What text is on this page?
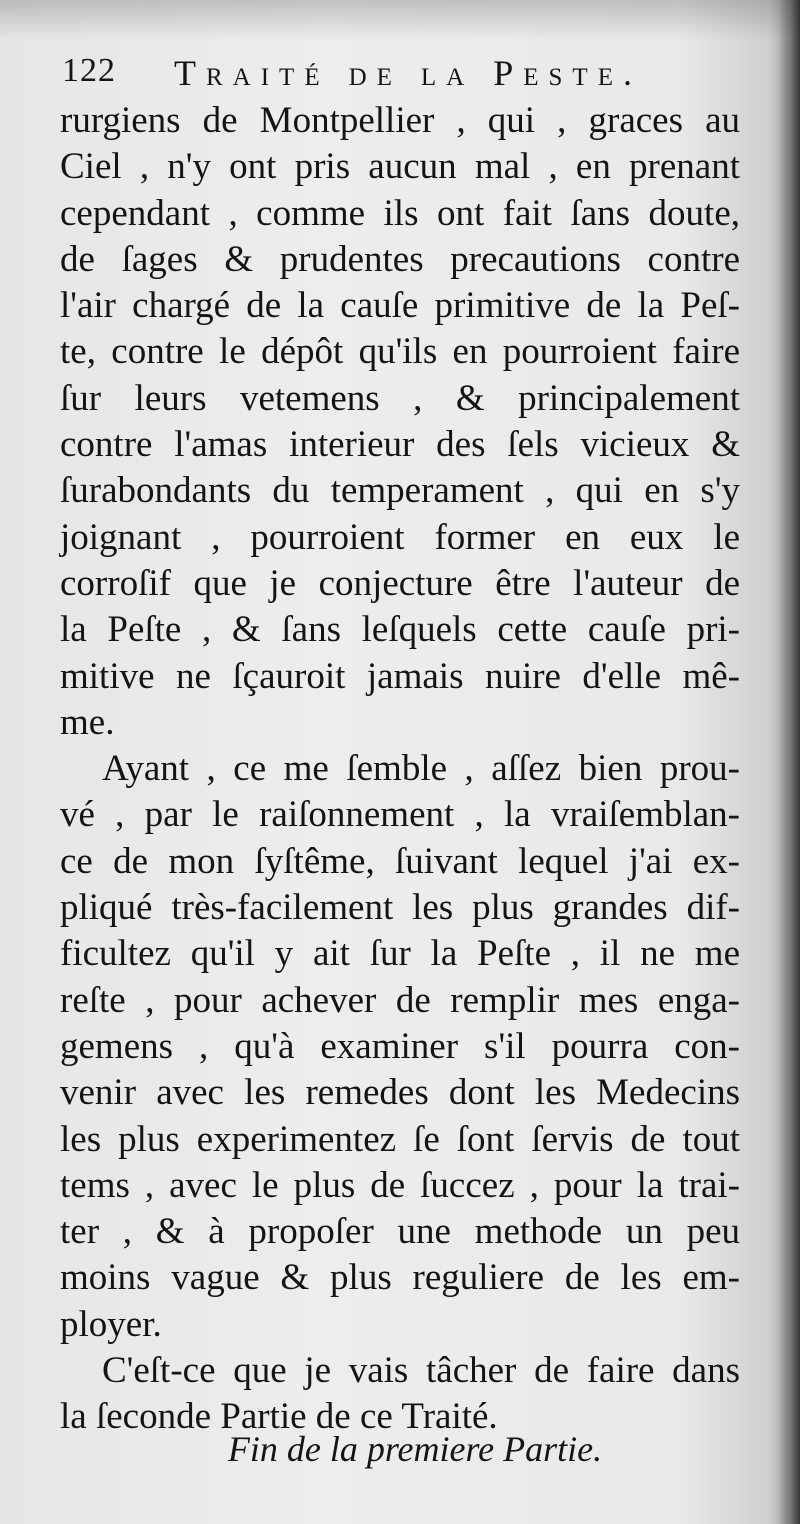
122 Traité de la Peste.
rurgiens de Montpellier , qui , graces au
Ciel , n'y ont pris aucun mal , en prenant
cependant , comme ils ont fait ſans doute,
de ſages & prudentes precautions contre
l'air chargé de la cauſe primitive de la Peſ-
te, contre le dépôt qu'ils en pourroient faire
ſur leurs vetemens , & principalement
contre l'amas interieur des ſels vicieux &
ſurabondants du temperament , qui en s'y
joignant , pourroient former en eux le
corroſif que je conjecture être l'auteur de
la Peſte , & ſans leſquels cette cauſe pri-
mitive ne ſçauroit jamais nuire d'elle mê-
me.
Ayant , ce me ſemble , aſſez bien prou-
vé , par le raiſonnement , la vraiſemblan-
ce de mon ſyſtême, ſuivant lequel j'ai ex-
pliqué très-facilement les plus grandes dif-
ficultez qu'il y ait ſur la Peſte , il ne me
reſte , pour achever de remplir mes enga-
gemens , qu'à examiner s'il pourra con-
venir avec les remedes dont les Medecins
les plus experimentez ſe ſont ſervis de tout
tems , avec le plus de ſuccez , pour la trai-
ter , & à propoſer une methode un peu
moins vague & plus reguliere de les em-
ployer.
C'eſt-ce que je vais tâcher de faire dans
la ſeconde Partie de ce Traité.
Fin de la premiere Partie.
